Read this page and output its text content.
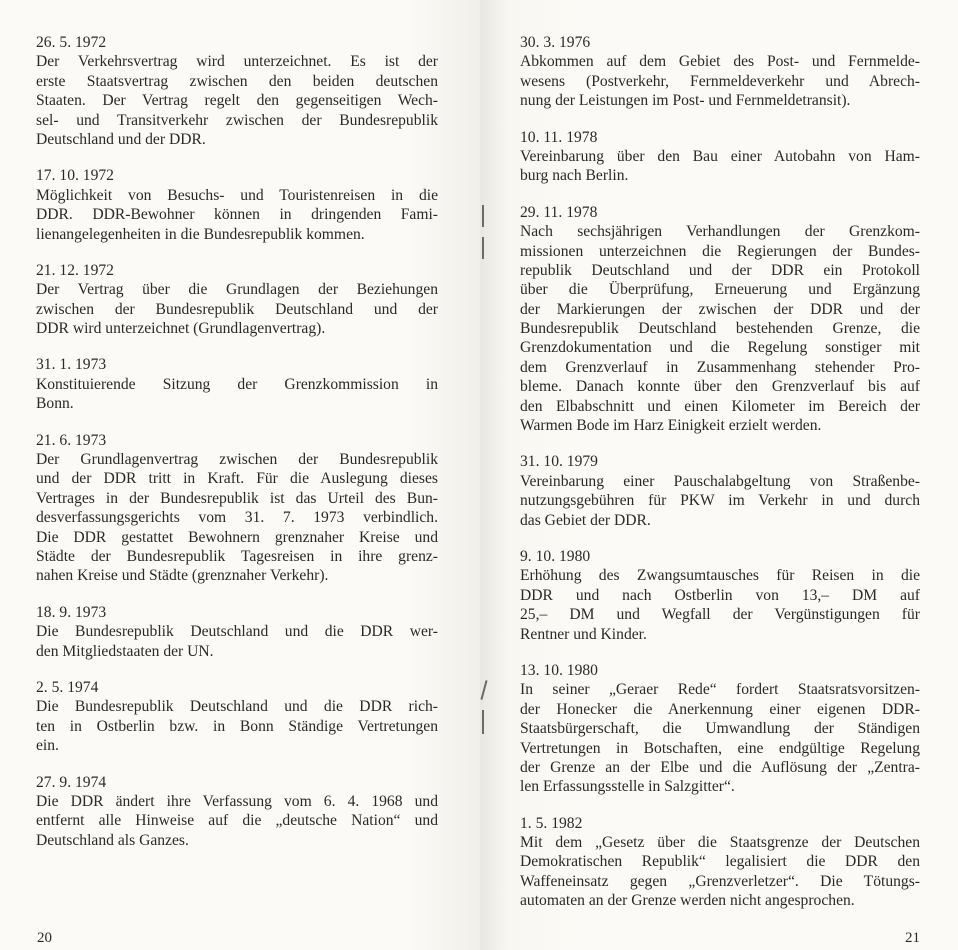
26. 5. 1972
Der Verkehrsvertrag wird unterzeichnet. Es ist der
erste Staatsvertrag zwischen den beiden deutschen
Staaten. Der Vertrag regelt den gegenseitigen Wech-
sel- und Transitverkehr zwischen der Bundesrepublik
Deutschland und der DDR.
17. 10. 1972
Möglichkeit von Besuchs- und Touristenreisen in die
DDR. DDR-Bewohner können in dringenden Fami-
lienangelegenheiten in die Bundesrepublik kommen.
21. 12. 1972
Der Vertrag über die Grundlagen der Beziehungen
zwischen der Bundesrepublik Deutschland und der
DDR wird unterzeichnet (Grundlagenvertrag).
31. 1. 1973
Konstituierende Sitzung der Grenzkommission in
Bonn.
21. 6. 1973
Der Grundlagenvertrag zwischen der Bundesrepublik
und der DDR tritt in Kraft. Für die Auslegung dieses
Vertrages in der Bundesrepublik ist das Urteil des Bun-
desverfassungsgerichts vom 31. 7. 1973 verbindlich.
Die DDR gestattet Bewohnern grenznaher Kreise und
Städte der Bundesrepublik Tagesreisen in ihre grenz-
nahen Kreise und Städte (grenznaher Verkehr).
18. 9. 1973
Die Bundesrepublik Deutschland und die DDR wer-
den Mitgliedstaaten der UN.
2. 5. 1974
Die Bundesrepublik Deutschland und die DDR rich-
ten in Ostberlin bzw. in Bonn Ständige Vertretungen
ein.
27. 9. 1974
Die DDR ändert ihre Verfassung vom 6. 4. 1968 und
entfernt alle Hinweise auf die „deutsche Nation“ und
Deutschland als Ganzes.
20
30. 3. 1976
Abkommen auf dem Gebiet des Post- und Fernmelde-
wesens (Postverkehr, Fernmeldeverkehr und Abrech-
nung der Leistungen im Post- und Fernmeldetransit).
10. 11. 1978
Vereinbarung über den Bau einer Autobahn von Ham-
burg nach Berlin.
29. 11. 1978
Nach sechsjährigen Verhandlungen der Grenzkom-
missionen unterzeichnen die Regierungen der Bundes-
republik Deutschland und der DDR ein Protokoll
über die Überprüfung, Erneuerung und Ergänzung
der Markierungen der zwischen der DDR und der
Bundesrepublik Deutschland bestehenden Grenze, die
Grenzdokumentation und die Regelung sonstiger mit
dem Grenzverlauf in Zusammenhang stehender Pro-
bleme. Danach konnte über den Grenzverlauf bis auf
den Elbabschnitt und einen Kilometer im Bereich der
Warmen Bode im Harz Einigkeit erzielt werden.
31. 10. 1979
Vereinbarung einer Pauschalabgeltung von Straßenbe-
nutzungsgebühren für PKW im Verkehr in und durch
das Gebiet der DDR.
9. 10. 1980
Erhöhung des Zwangsumtausches für Reisen in die
DDR und nach Ostberlin von 13,– DM auf
25,– DM und Wegfall der Vergünstigungen für
Rentner und Kinder.
13. 10. 1980
In seiner „Geraer Rede“ fordert Staatsratsvorsitzen-
der Honecker die Anerkennung einer eigenen DDR-
Staatsbürgerschaft, die Umwandlung der Ständigen
Vertretungen in Botschaften, eine endgültige Regelung
der Grenze an der Elbe und die Auflösung der „Zentra-
len Erfassungsstelle in Salzgitter“.
1. 5. 1982
Mit dem „Gesetz über die Staatsgrenze der Deutschen
Demokratischen Republik“ legalisiert die DDR den
Waffeneinsatz gegen „Grenzverletzer“. Die Tötungs-
automaten an der Grenze werden nicht angesprochen.
21
